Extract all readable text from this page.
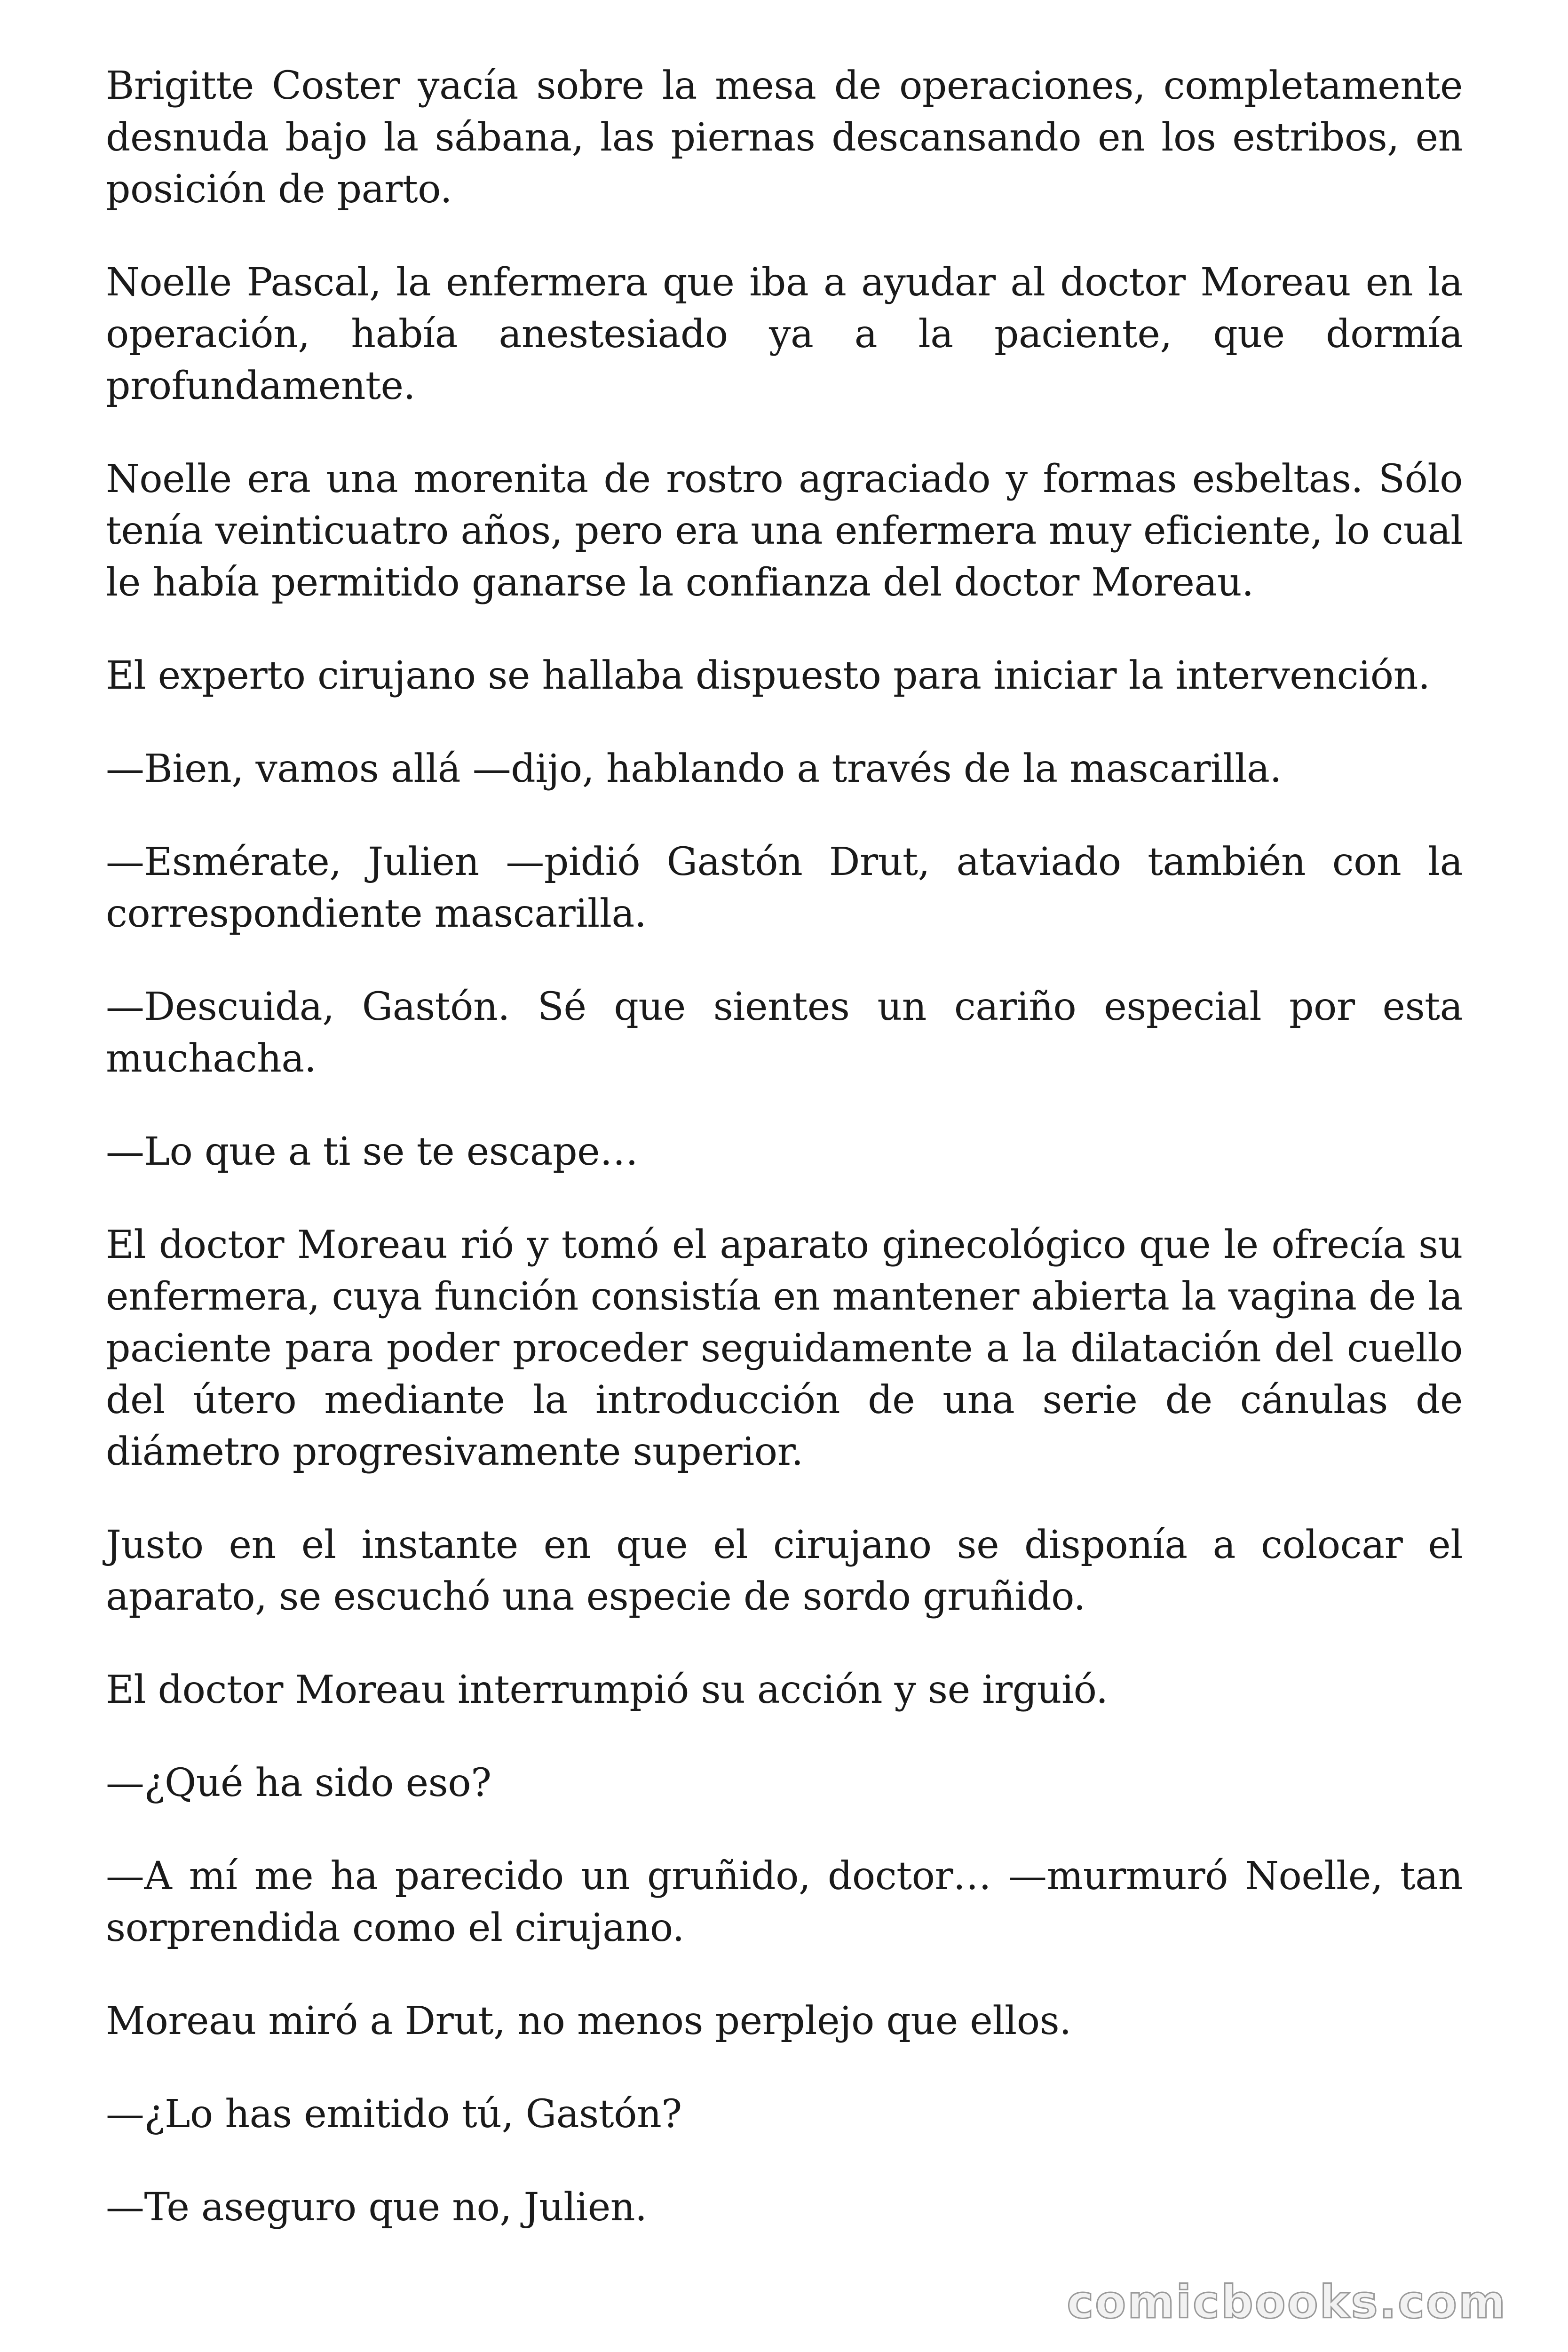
Brigitte Coster yacía sobre la mesa de operaciones, completamente desnuda bajo la sábana, las piernas descansando en los estribos, en posición de parto.

Noelle Pascal, la enfermera que iba a ayudar al doctor Moreau en la operación, había anestesiado ya a la paciente, que dormía profundamente.

Noelle era una morenita de rostro agraciado y formas esbeltas. Sólo tenía veinticuatro años, pero era una enfermera muy eficiente, lo cual le había permitido ganarse la confianza del doctor Moreau.

El experto cirujano se hallaba dispuesto para iniciar la intervención.

—Bien, vamos allá —dijo, hablando a través de la mascarilla.

—Esmérate, Julien —pidió Gastón Drut, ataviado también con la correspondiente mascarilla.

—Descuida, Gastón. Sé que sientes un cariño especial por esta muchacha.

—Lo que a ti se te escape…

El doctor Moreau rió y tomó el aparato ginecológico que le ofrecía su enfermera, cuya función consistía en mantener abierta la vagina de la paciente para poder proceder seguidamente a la dilatación del cuello del útero mediante la introducción de una serie de cánulas de diámetro progresivamente superior.

Justo en el instante en que el cirujano se disponía a colocar el aparato, se escuchó una especie de sordo gruñido.

El doctor Moreau interrumpió su acción y se irguió.

—¿Qué ha sido eso?

—A mí me ha parecido un gruñido, doctor… —murmuró Noelle, tan sorprendida como el cirujano.

Moreau miró a Drut, no menos perplejo que ellos.

—¿Lo has emitido tú, Gastón?

—Te aseguro que no, Julien.

comicbooks.com
